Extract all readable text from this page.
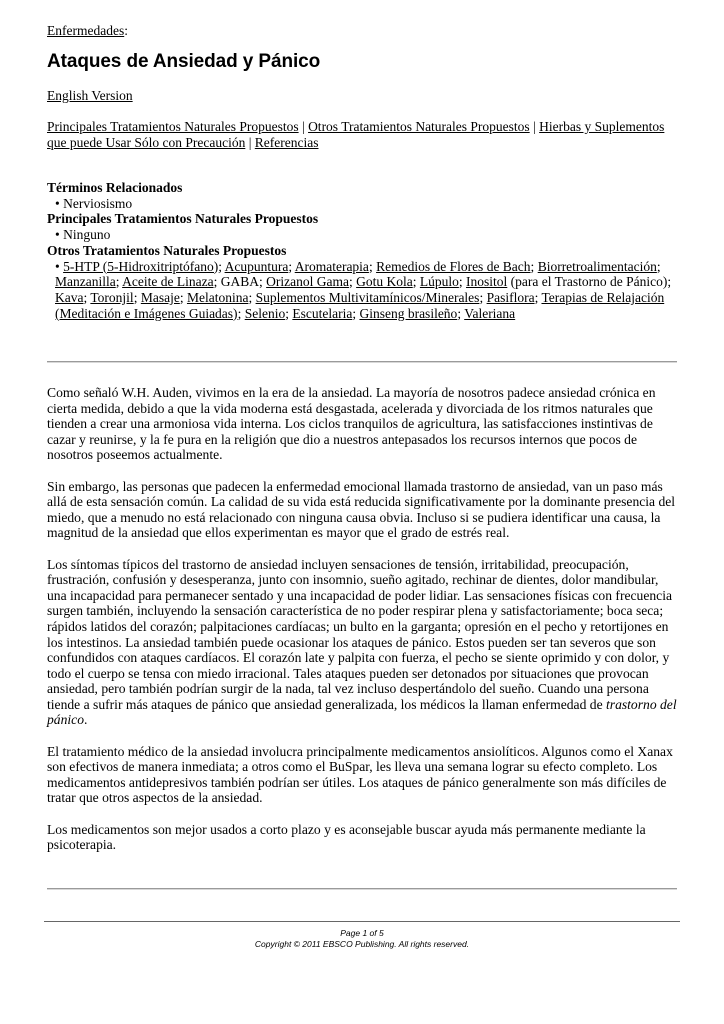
Enfermedades:
Ataques de Ansiedad y Pánico
English Version
Principales Tratamientos Naturales Propuestos | Otros Tratamientos Naturales Propuestos | Hierbas y Suplementos que puede Usar Sólo con Precaución | Referencias
Términos Relacionados
• Nerviosismo
Principales Tratamientos Naturales Propuestos
• Ninguno
Otros Tratamientos Naturales Propuestos
• 5-HTP (5-Hidroxitriptófano); Acupuntura; Aromaterapia; Remedios de Flores de Bach; Biorretroalimentación; Manzanilla; Aceite de Linaza; GABA; Orizanol Gama; Gotu Kola; Lúpulo; Inositol (para el Trastorno de Pánico); Kava; Toronjil; Masaje; Melatonina; Suplementos Multivitamínicos/Minerales; Pasiflora; Terapias de Relajación (Meditación e Imágenes Guiadas); Selenio; Escutelaria; Ginseng brasileño; Valeriana

Como señaló W.H. Auden, vivimos en la era de la ansiedad. La mayoría de nosotros padece ansiedad crónica en cierta medida, debido a que la vida moderna está desgastada, acelerada y divorciada de los ritmos naturales que tienden a crear una armoniosa vida interna. Los ciclos tranquilos de agricultura, las satisfacciones instintivas de cazar y reunirse, y la fe pura en la religión que dio a nuestros antepasados los recursos internos que pocos de nosotros poseemos actualmente.

Sin embargo, las personas que padecen la enfermedad emocional llamada trastorno de ansiedad, van un paso más allá de esta sensación común. La calidad de su vida está reducida significativamente por la dominante presencia del miedo, que a menudo no está relacionado con ninguna causa obvia. Incluso si se pudiera identificar una causa, la magnitud de la ansiedad que ellos experimentan es mayor que el grado de estrés real.

Los síntomas típicos del trastorno de ansiedad incluyen sensaciones de tensión, irritabilidad, preocupación, frustración, confusión y desesperanza, junto con insomnio, sueño agitado, rechinar de dientes, dolor mandibular, una incapacidad para permanecer sentado y una incapacidad de poder lidiar. Las sensaciones físicas con frecuencia surgen también, incluyendo la sensación característica de no poder respirar plena y satisfactoriamente; boca seca; rápidos latidos del corazón; palpitaciones cardíacas; un bulto en la garganta; opresión en el pecho y retortijones en los intestinos. La ansiedad también puede ocasionar los ataques de pánico. Estos pueden ser tan severos que son confundidos con ataques cardíacos. El corazón late y palpita con fuerza, el pecho se siente oprimido y con dolor, y todo el cuerpo se tensa con miedo irracional. Tales ataques pueden ser detonados por situaciones que provocan ansiedad, pero también podrían surgir de la nada, tal vez incluso despertándolo del sueño. Cuando una persona tiende a sufrir más ataques de pánico que ansiedad generalizada, los médicos la llaman enfermedad de trastorno del pánico.

El tratamiento médico de la ansiedad involucra principalmente medicamentos ansiolíticos. Algunos como el Xanax son efectivos de manera inmediata; a otros como el BuSpar, les lleva una semana lograr su efecto completo. Los medicamentos antidepresivos también podrían ser útiles. Los ataques de pánico generalmente son más difíciles de tratar que otros aspectos de la ansiedad.

Los medicamentos son mejor usados a corto plazo y es aconsejable buscar ayuda más permanente mediante la psicoterapia.

Page 1 of 5
Copyright © 2011 EBSCO Publishing. All rights reserved.
